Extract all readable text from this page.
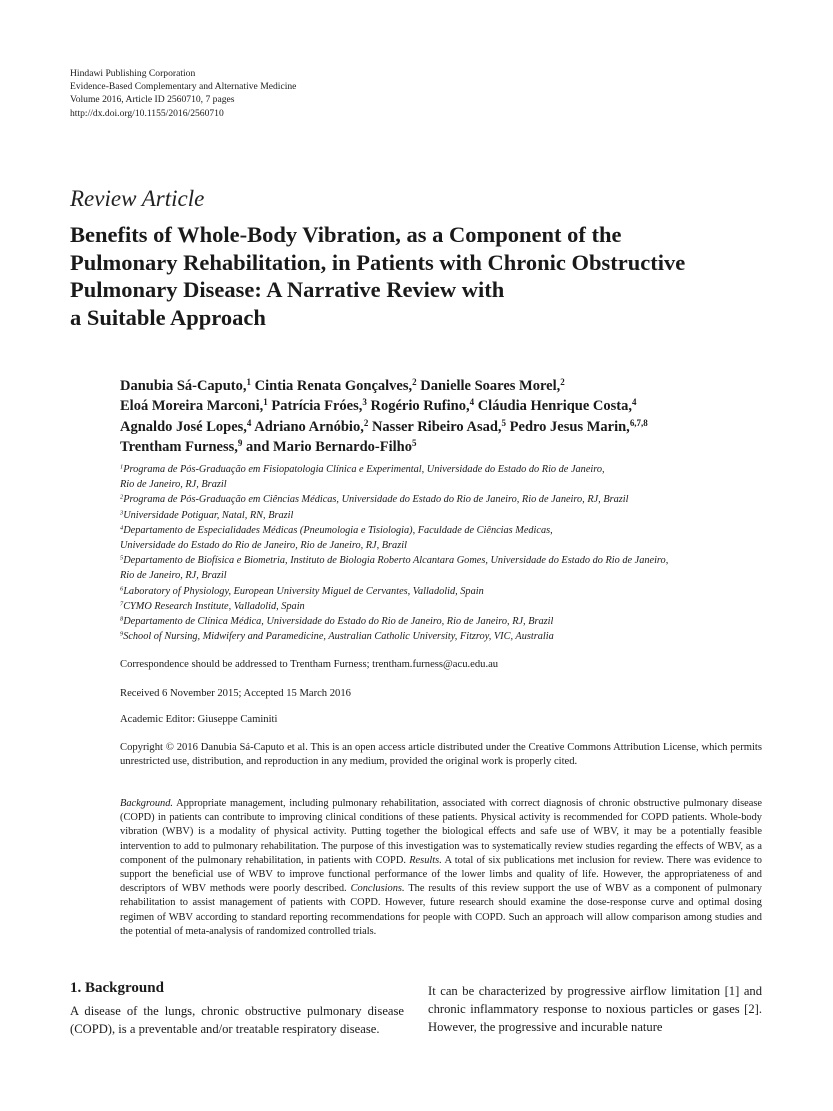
Hindawi Publishing Corporation
Evidence-Based Complementary and Alternative Medicine
Volume 2016, Article ID 2560710, 7 pages
http://dx.doi.org/10.1155/2016/2560710
Review Article
Benefits of Whole-Body Vibration, as a Component of the
Pulmonary Rehabilitation, in Patients with Chronic Obstructive
Pulmonary Disease: A Narrative Review with
a Suitable Approach
Danubia Sá-Caputo,$^1$ Cintia Renata Gonçalves,$^2$ Danielle Soares Morel,$^2$
Eloá Moreira Marconi,$^1$ Patrícia Fróes,$^3$ Rogério Rufino,$^4$ Cláudia Henrique Costa,$^4$
Agnaldo José Lopes,$^4$ Adriano Arnóbio,$^2$ Nasser Ribeiro Asad,$^5$ Pedro Jesus Marin,$^{6,7,8}$
Trentham Furness,$^9$ and Mario Bernardo-Filho$^5$
$^1$Programa de Pós-Graduação em Fisiopatologia Clínica e Experimental, Universidade do Estado do Rio de Janeiro,
Rio de Janeiro, RJ, Brazil
$^2$Programa de Pós-Graduação em Ciências Médicas, Universidade do Estado do Rio de Janeiro, Rio de Janeiro, RJ, Brazil
$^3$Universidade Potiguar, Natal, RN, Brazil
$^4$Departamento de Especialidades Médicas (Pneumologia e Tisiologia), Faculdade de Ciências Medicas,
Universidade do Estado do Rio de Janeiro, Rio de Janeiro, RJ, Brazil
$^5$Departamento de Biofísica e Biometria, Instituto de Biologia Roberto Alcantara Gomes, Universidade do Estado do Rio de Janeiro,
Rio de Janeiro, RJ, Brazil
$^6$Laboratory of Physiology, European University Miguel de Cervantes, Valladolid, Spain
$^7$CYMO Research Institute, Valladolid, Spain
$^8$Departamento de Clínica Médica, Universidade do Estado do Rio de Janeiro, Rio de Janeiro, RJ, Brazil
$^9$School of Nursing, Midwifery and Paramedicine, Australian Catholic University, Fitzroy, VIC, Australia
Correspondence should be addressed to Trentham Furness; trentham.furness@acu.edu.au
Received 6 November 2015; Accepted 15 March 2016
Academic Editor: Giuseppe Caminiti
Copyright © 2016 Danubia Sá-Caputo et al. This is an open access article distributed under the Creative Commons Attribution License, which permits unrestricted use, distribution, and reproduction in any medium, provided the original work is properly cited.
Background. Appropriate management, including pulmonary rehabilitation, associated with correct diagnosis of chronic obstructive pulmonary disease (COPD) in patients can contribute to improving clinical conditions of these patients. Physical activity is recommended for COPD patients. Whole-body vibration (WBV) is a modality of physical activity. Putting together the biological effects and safe use of WBV, it may be a potentially feasible intervention to add to pulmonary rehabilitation. The purpose of this investigation was to systematically review studies regarding the effects of WBV, as a component of the pulmonary rehabilitation, in patients with COPD. Results. A total of six publications met inclusion for review. There was evidence to support the beneficial use of WBV to improve functional performance of the lower limbs and quality of life. However, the appropriateness of and descriptors of WBV methods were poorly described. Conclusions. The results of this review support the use of WBV as a component of pulmonary rehabilitation to assist management of patients with COPD. However, future research should examine the dose-response curve and optimal dosing regimen of WBV according to standard reporting recommendations for people with COPD. Such an approach will allow comparison among studies and the potential of meta-analysis of randomized controlled trials.
1. Background
A disease of the lungs, chronic obstructive pulmonary disease (COPD), is a preventable and/or treatable respiratory disease.
It can be characterized by progressive airflow limitation [1] and chronic inflammatory response to noxious particles or gases [2]. However, the progressive and incurable nature
